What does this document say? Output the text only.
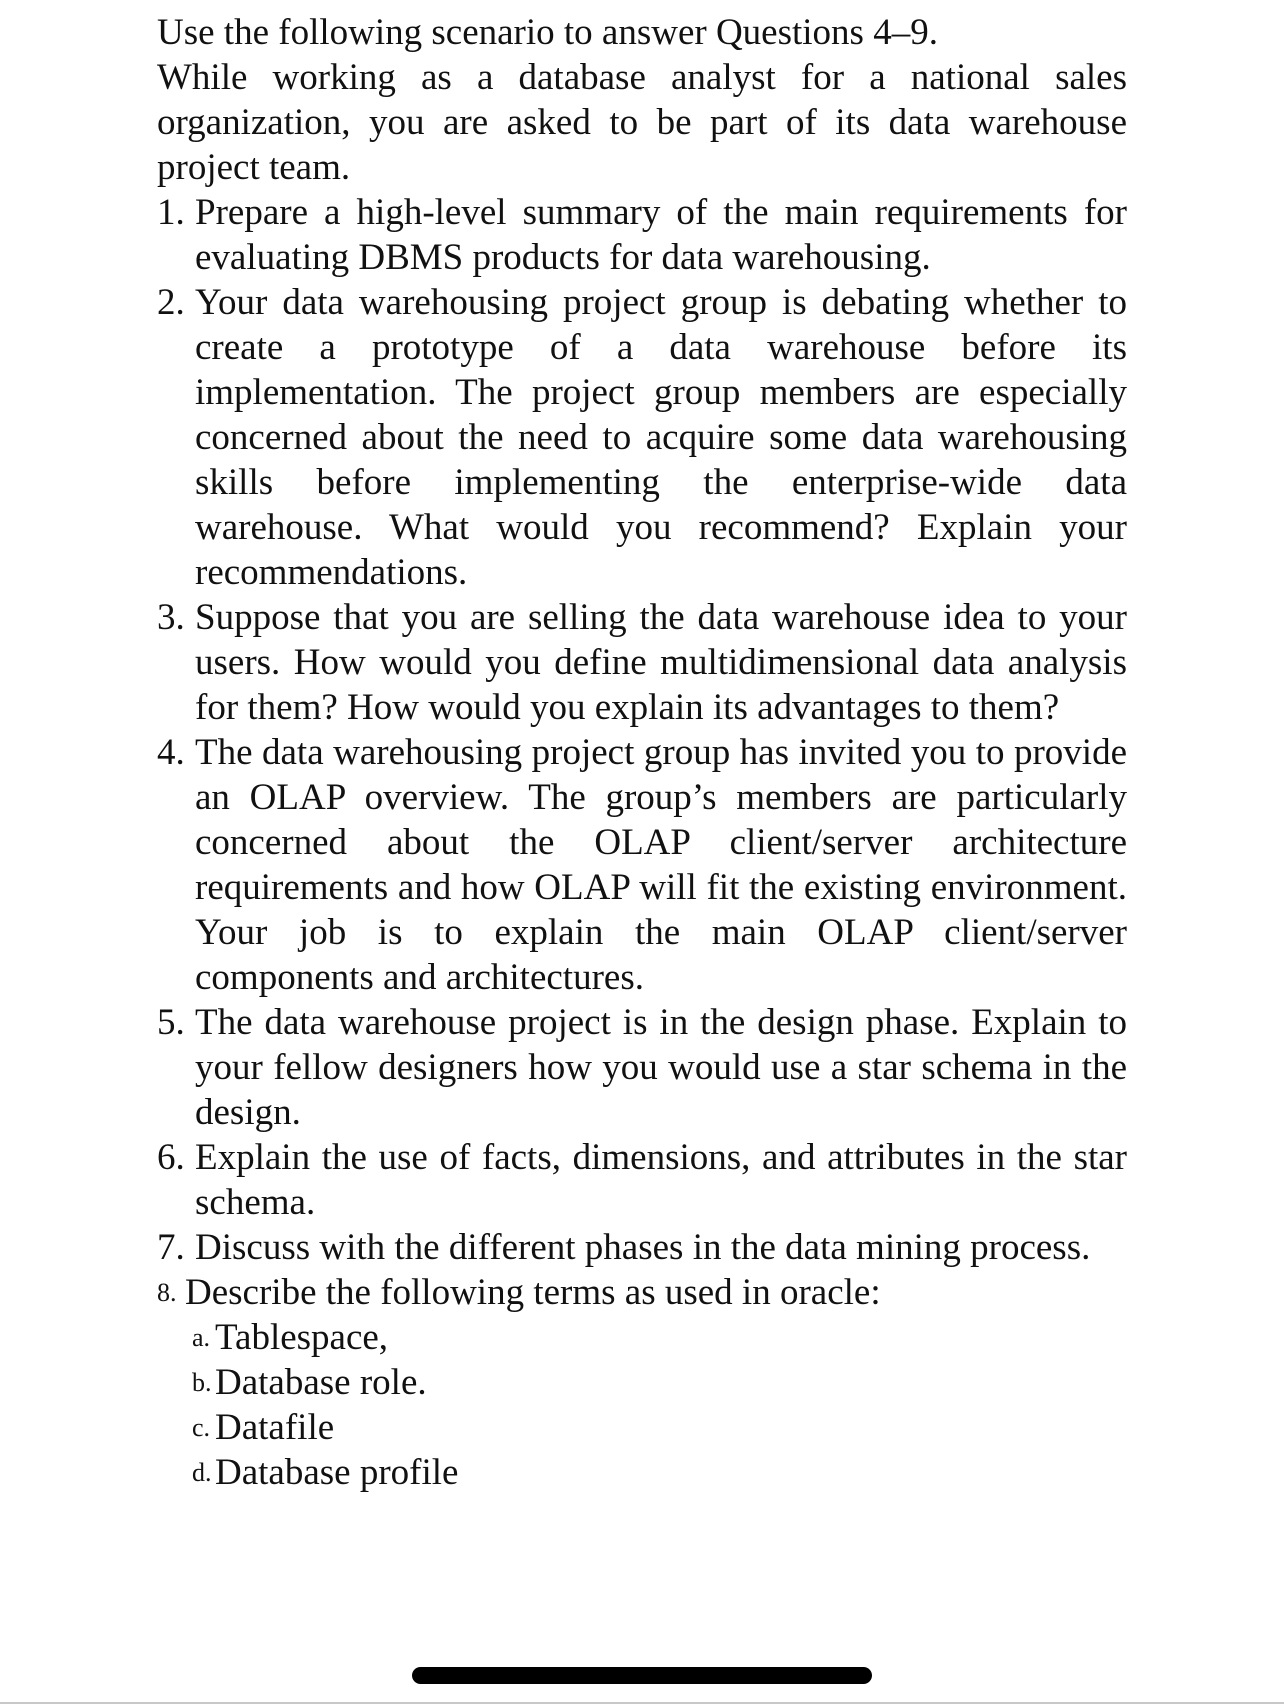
Use the following scenario to answer Questions 4–9.

While working as a database analyst for a national sales organization, you are asked to be part of its data warehouse project team.

1. Prepare a high-level summary of the main requirements for evaluating DBMS products for data warehousing.
2. Your data warehousing project group is debating whether to create a prototype of a data warehouse before its implementation. The project group members are especially concerned about the need to acquire some data warehousing skills before implementing the enterprise-wide data warehouse. What would you recommend? Explain your recommendations.
3. Suppose that you are selling the data warehouse idea to your users. How would you define multidimensional data analysis for them? How would you explain its advantages to them?
4. The data warehousing project group has invited you to provide an OLAP overview. The group’s members are particularly concerned about the OLAP client/server architecture requirements and how OLAP will fit the existing environment. Your job is to explain the main OLAP client/server components and architectures.
5. The data warehouse project is in the design phase. Explain to your fellow designers how you would use a star schema in the design.
6. Explain the use of facts, dimensions, and attributes in the star schema.
7. Discuss with the different phases in the data mining process.
8. Describe the following terms as used in oracle:
a. Tablespace,
b. Database role.
c. Datafile
d. Database profile
